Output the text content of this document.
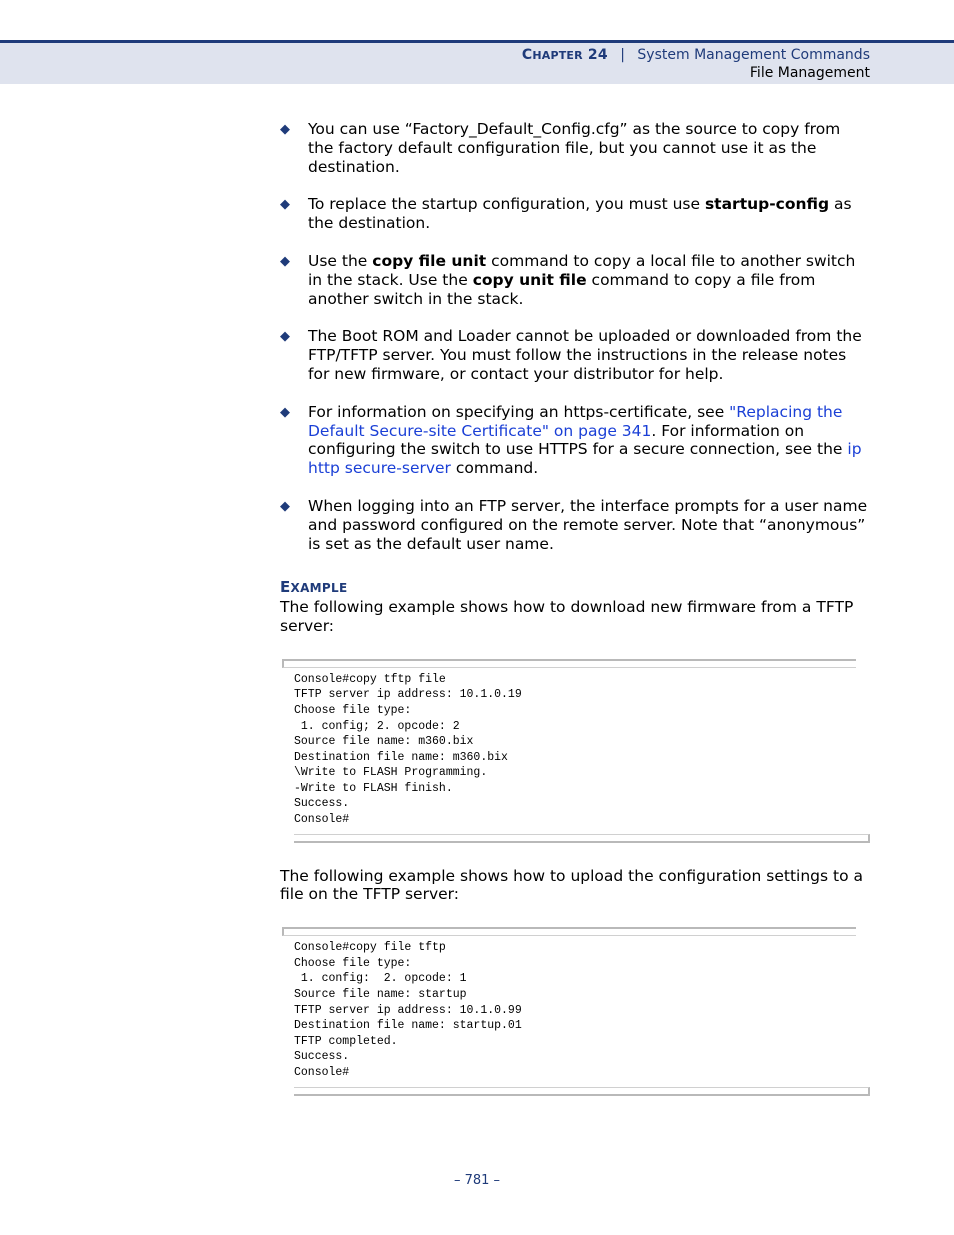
CHAPTER 24 | System Management Commands
File Management
◆ You can use “Factory_Default_Config.cfg” as the source to copy from the factory default configuration file, but you cannot use it as the destination.
◆ To replace the startup configuration, you must use startup-config as the destination.
◆ Use the copy file unit command to copy a local file to another switch in the stack. Use the copy unit file command to copy a file from another switch in the stack.
◆ The Boot ROM and Loader cannot be uploaded or downloaded from the FTP/TFTP server. You must follow the instructions in the release notes for new firmware, or contact your distributor for help.
◆ For information on specifying an https-certificate, see "Replacing the Default Secure-site Certificate" on page 341. For information on configuring the switch to use HTTPS for a secure connection, see the ip http secure-server command.
◆ When logging into an FTP server, the interface prompts for a user name and password configured on the remote server. Note that “anonymous” is set as the default user name.
EXAMPLE

The following example shows how to download new firmware from a TFTP server:

Console#copy tftp file
TFTP server ip address: 10.1.0.19
Choose file type:
1. config; 2. opcode: 2
Source file name: m360.bix
Destination file name: m360.bix
\Write to FLASH Programming.
-Write to FLASH finish.
Success.
Console#

The following example shows how to upload the configuration settings to a file on the TFTP server:

Console#copy file tftp
Choose file type:
1. config:  2. opcode: 1
Source file name: startup
TFTP server ip address: 10.1.0.99
Destination file name: startup.01
TFTP completed.
Success.
Console#
– 781 –
